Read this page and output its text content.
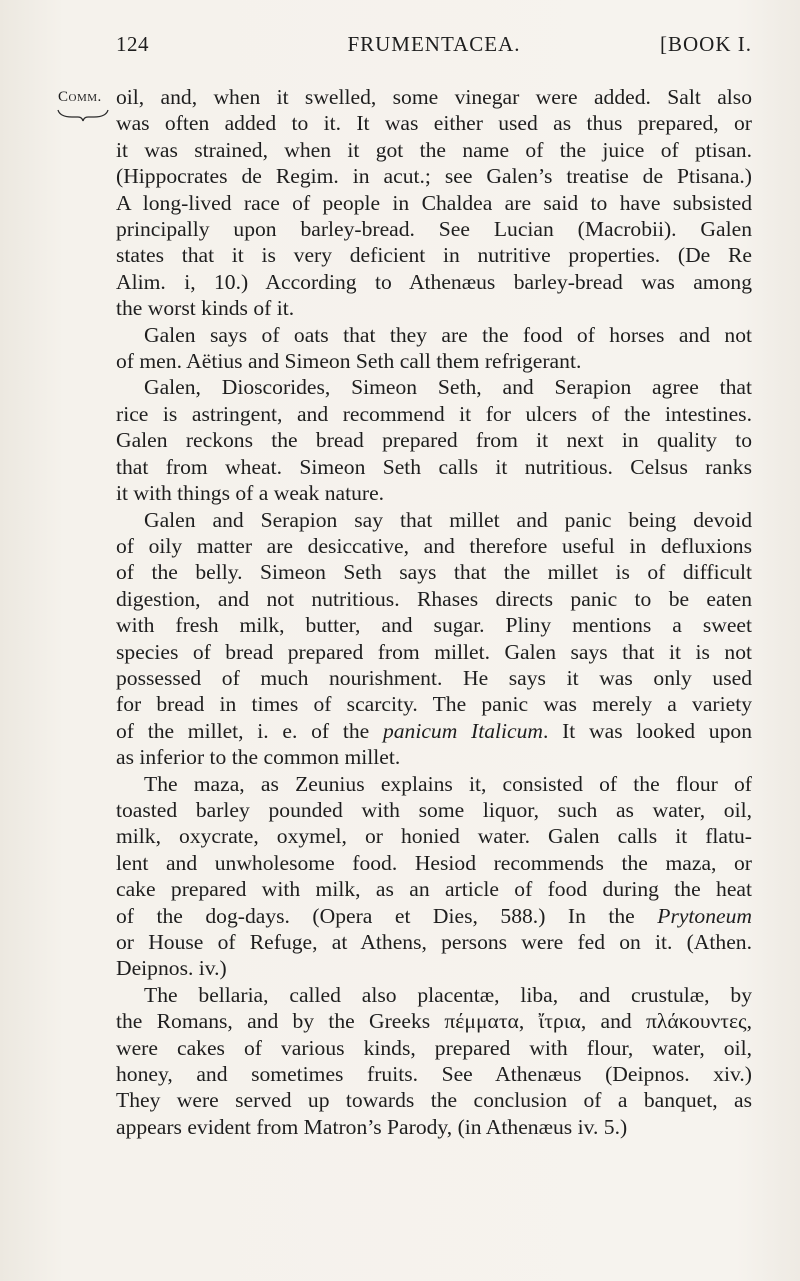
124	FRUMENTACEA.	[BOOK I.
Comm. oil, and, when it swelled, some vinegar were added. Salt also
was often added to it. It was either used as thus prepared, or
it was strained, when it got the name of the juice of ptisan.
(Hippocrates de Regim. in acut.; see Galen’s treatise de Ptisana.)
A long-lived race of people in Chaldea are said to have subsisted
principally upon barley-bread. See Lucian (Macrobii). Galen
states that it is very deficient in nutritive properties. (De Re
Alim. i, 10.) According to Athenæus barley-bread was among
the worst kinds of it.

Galen says of oats that they are the food of horses and not
of men. Aëtius and Simeon Seth call them refrigerant.

Galen, Dioscorides, Simeon Seth, and Serapion agree that
rice is astringent, and recommend it for ulcers of the intestines.
Galen reckons the bread prepared from it next in quality to
that from wheat. Simeon Seth calls it nutritious. Celsus ranks
it with things of a weak nature.

Galen and Serapion say that millet and panic being devoid
of oily matter are desiccative, and therefore useful in defluxions
of the belly. Simeon Seth says that the millet is of difficult
digestion, and not nutritious. Rhases directs panic to be eaten
with fresh milk, butter, and sugar. Pliny mentions a sweet
species of bread prepared from millet. Galen says that it is not
possessed of much nourishment. He says it was only used
for bread in times of scarcity. The panic was merely a variety
of the millet, i. e. of the panicum Italicum. It was looked upon
as inferior to the common millet.

The maza, as Zeunius explains it, consisted of the flour of
toasted barley pounded with some liquor, such as water, oil,
milk, oxycrate, oxymel, or honied water. Galen calls it flatu-
lent and unwholesome food. Hesiod recommends the maza, or
cake prepared with milk, as an article of food during the heat
of the dog-days. (Opera et Dies, 588.) In the Prytoneum
or House of Refuge, at Athens, persons were fed on it. (Athen.
Deipnos. iv.)

The bellaria, called also placentæ, liba, and crustulæ, by
the Romans, and by the Greeks πέμματα, ἴτρια, and πλάκουντες,
were cakes of various kinds, prepared with flour, water, oil,
honey, and sometimes fruits. See Athenæus (Deipnos. xiv.)
They were served up towards the conclusion of a banquet, as
appears evident from Matron’s Parody, (in Athenæus iv. 5.)
